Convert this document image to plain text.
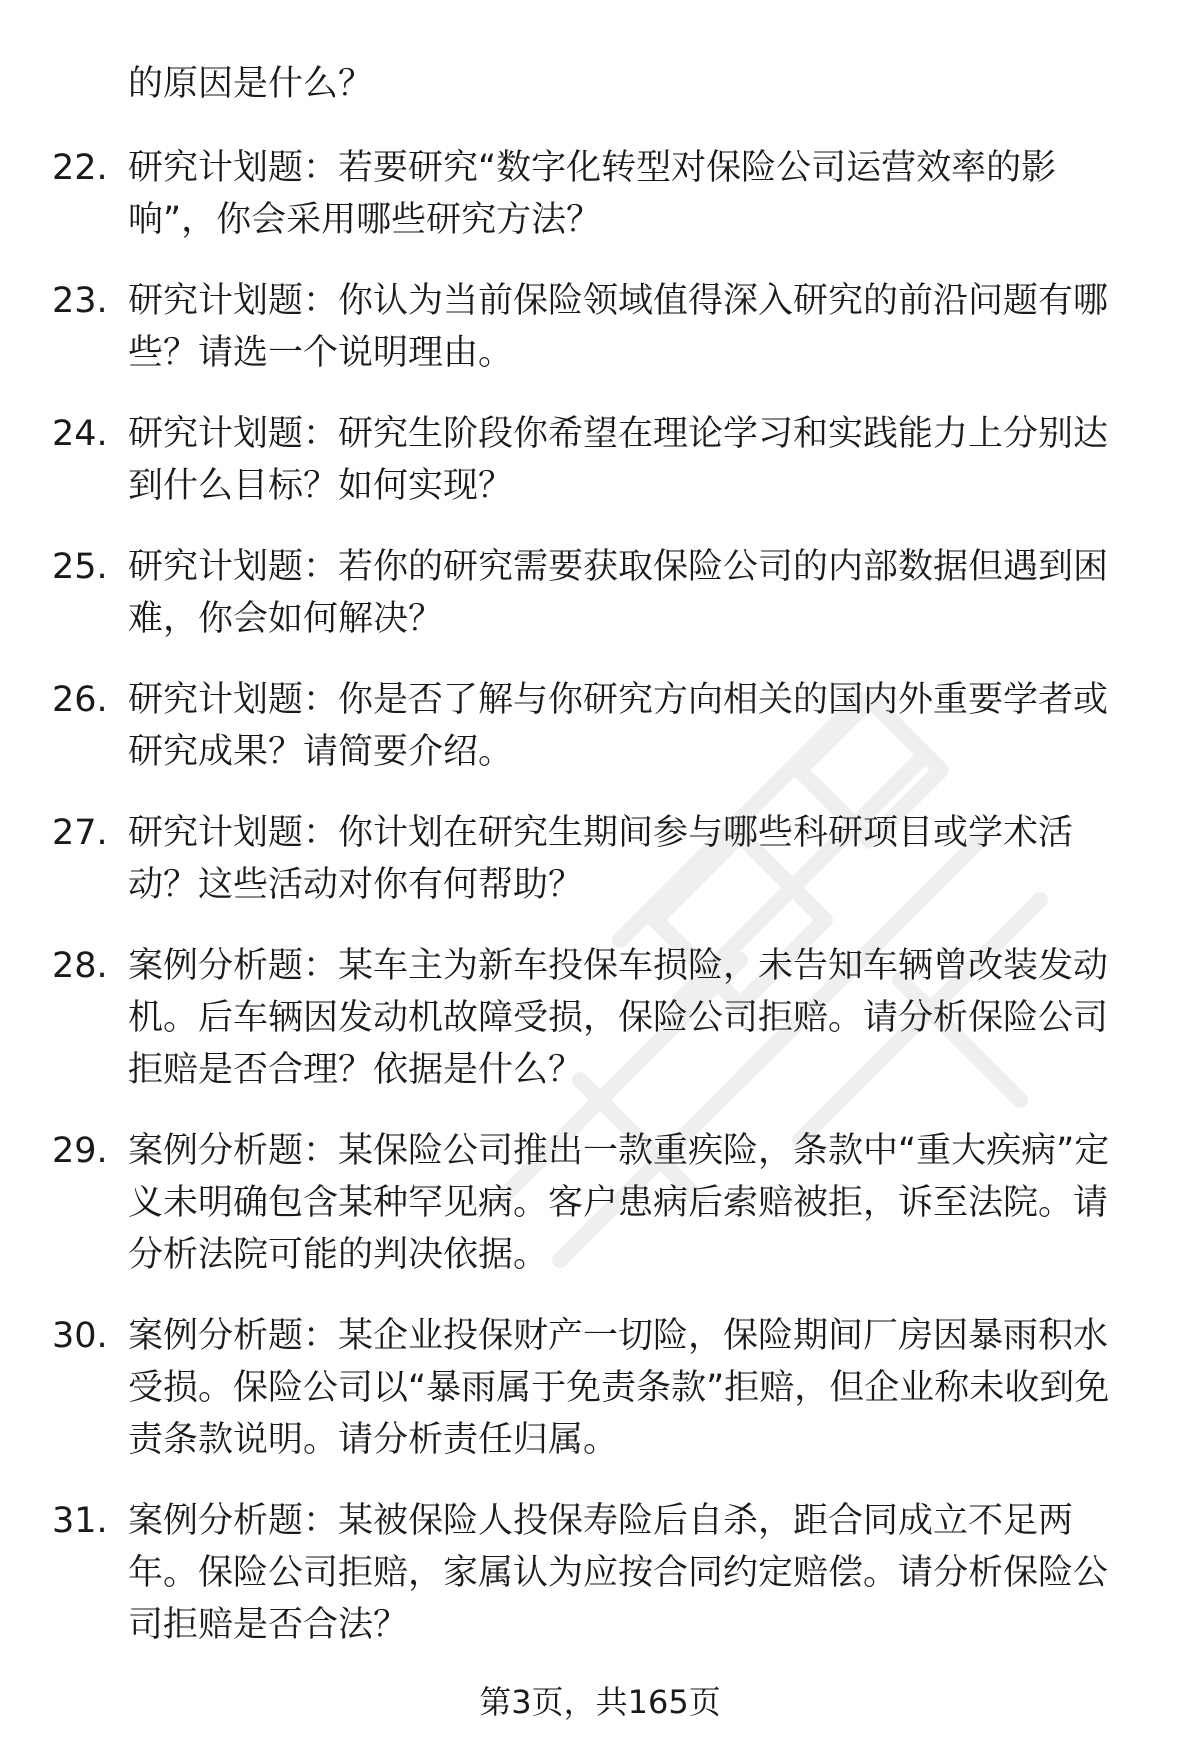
的原因是什么？

22. 研究计划题：若要研究“数字化转型对保险公司运营效率的影响”，你会采用哪些研究方法？
23. 研究计划题：你认为当前保险领域值得深入研究的前沿问题有哪些？请选一个说明理由。
24. 研究计划题：研究生阶段你希望在理论学习和实践能力上分别达到什么目标？如何实现？
25. 研究计划题：若你的研究需要获取保险公司的内部数据但遇到困难，你会如何解决？
26. 研究计划题：你是否了解与你研究方向相关的国内外重要学者或研究成果？请简要介绍。
27. 研究计划题：你计划在研究生期间参与哪些科研项目或学术活动？这些活动对你有何帮助？
28. 案例分析题：某车主为新车投保车损险，未告知车辆曾改装发动机。后车辆因发动机故障受损，保险公司拒赔。请分析保险公司拒赔是否合理？依据是什么？
29. 案例分析题：某保险公司推出一款重疾险，条款中“重大疾病”定义未明确包含某种罕见病。客户患病后索赔被拒，诉至法院。请分析法院可能的判决依据。
30. 案例分析题：某企业投保财产一切险，保险期间厂房因暴雨积水受损。保险公司以“暴雨属于免责条款”拒赔，但企业称未收到免责条款说明。请分析责任归属。
31. 案例分析题：某被保险人投保寿险后自杀，距合同成立不足两年。保险公司拒赔，家属认为应按合同约定赔偿。请分析保险公司拒赔是否合法？
第3页，共165页
